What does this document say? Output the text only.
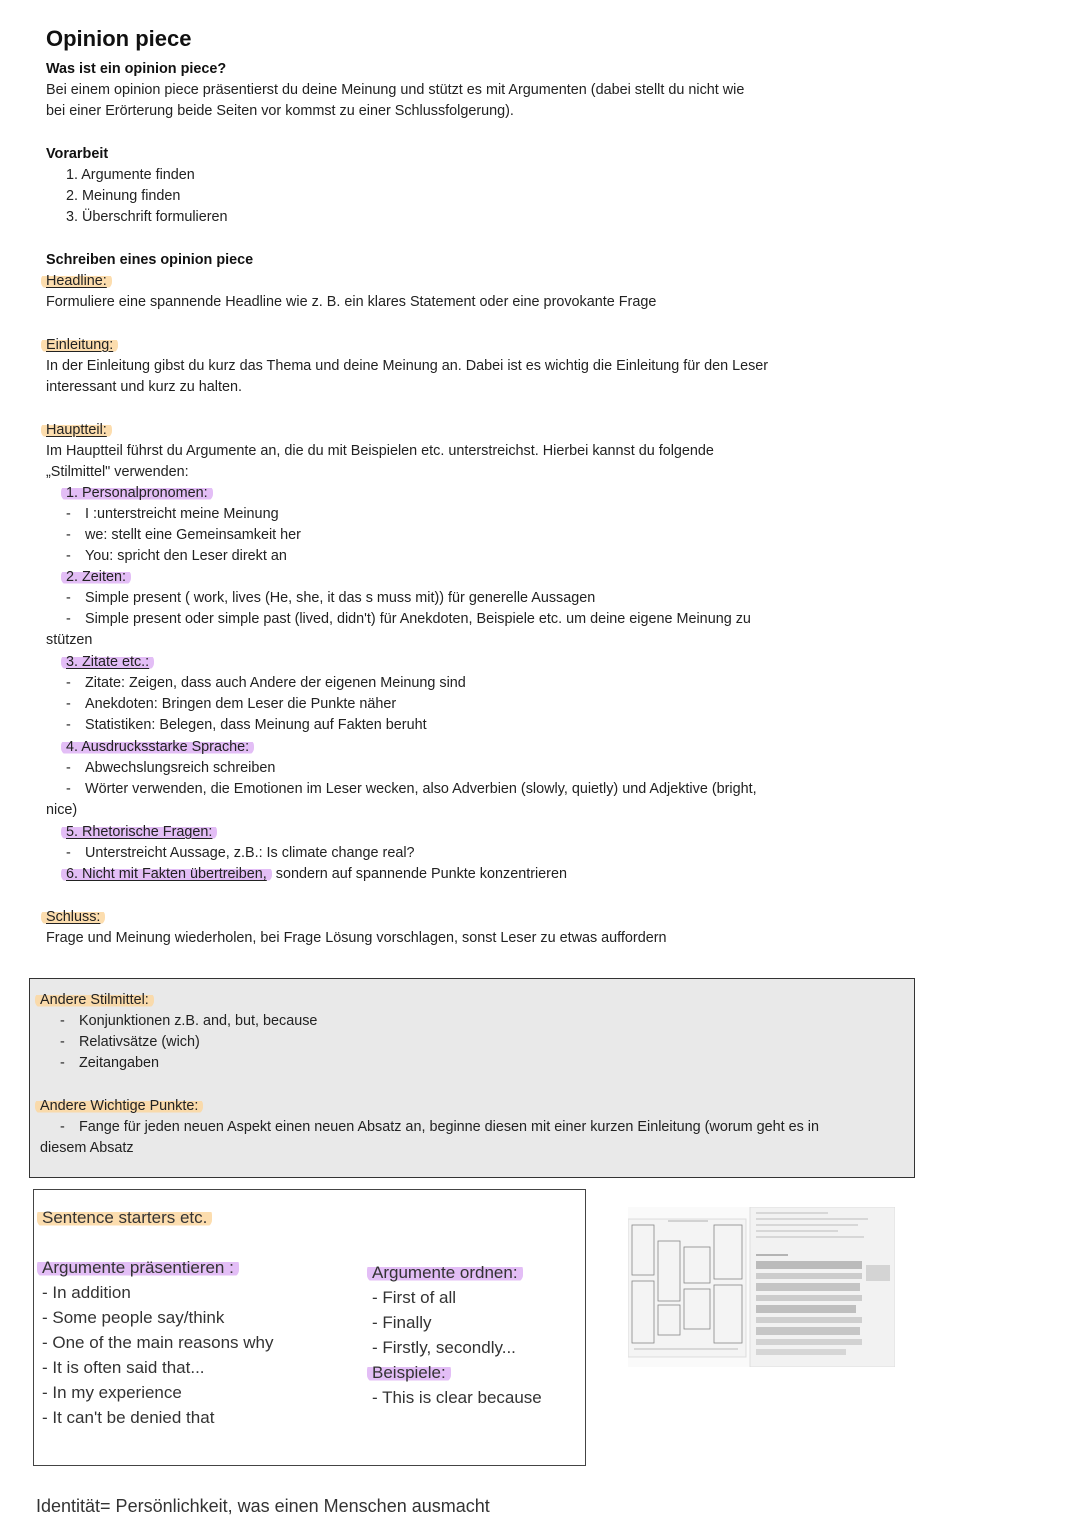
Opinion piece
Was ist ein opinion piece?
Bei einem opinion piece präsentierst du deine Meinung und stützt es mit Argumenten (dabei stellt du nicht wie
bei einer Erörterung beide Seiten vor kommst zu einer Schlussfolgerung).
Vorarbeit
1. Argumente finden
2. Meinung finden
3. Überschrift formulieren
Schreiben eines opinion piece
Headline:
Formuliere eine spannende Headline wie z. B. ein klares Statement oder eine provokante Frage
Einleitung:
In der Einleitung gibst du kurz das Thema und deine Meinung an. Dabei ist es wichtig die Einleitung für den Leser
interessant und kurz zu halten.
Hauptteil:
Im Hauptteil führst du Argumente an, die du mit Beispielen etc. unterstreichst. Hierbei kannst du folgende
„Stilmittel" verwenden:
1. Personalpronomen:
- I :unterstreicht meine Meinung
- we: stellt eine Gemeinsamkeit her
- You: spricht den Leser direkt an
2. Zeiten:
- Simple present ( work, lives (He, she, it das s muss mit)) für generelle Aussagen
- Simple present oder simple past (lived, didn't) für Anekdoten, Beispiele etc. um deine eigene Meinung zu
stützen
3. Zitate etc.:
- Zitate: Zeigen, dass auch Andere der eigenen Meinung sind
- Anekdoten: Bringen dem Leser die Punkte näher
- Statistiken: Belegen, dass Meinung auf Fakten beruht
4. Ausdrucksstarke Sprache:
- Abwechslungsreich schreiben
- Wörter verwenden, die Emotionen im Leser wecken, also Adverbien (slowly, quietly) und Adjektive (bright,
nice)
5. Rhetorische Fragen:
- Unterstreicht Aussage, z.B.: Is climate change real?
6. Nicht mit Fakten übertreiben, sondern auf spannende Punkte konzentrieren
Schluss:
Frage und Meinung wiederholen, bei Frage Lösung vorschlagen, sonst Leser zu etwas auffordern
Andere Stilmittel:
- Konjunktionen z.B. and, but, because
- Relativsätze (wich)
- Zeitangaben
Andere Wichtige Punkte:
- Fange für jeden neuen Aspekt einen neuen Absatz an, beginne diesen mit einer kurzen Einleitung (worum geht es in
diesem Absatz
Sentence starters etc.
Argumente präsentieren :
- In addition
- Some people say/think
- One of the main reasons why
- It is often said that...
- In my experience
- It can't be denied that
Argumente ordnen:
- First of all
- Finally
- Firstly, secondly...
Beispiele:
- This is clear because
Identität= Persönlichkeit, was einen Menschen ausmacht
